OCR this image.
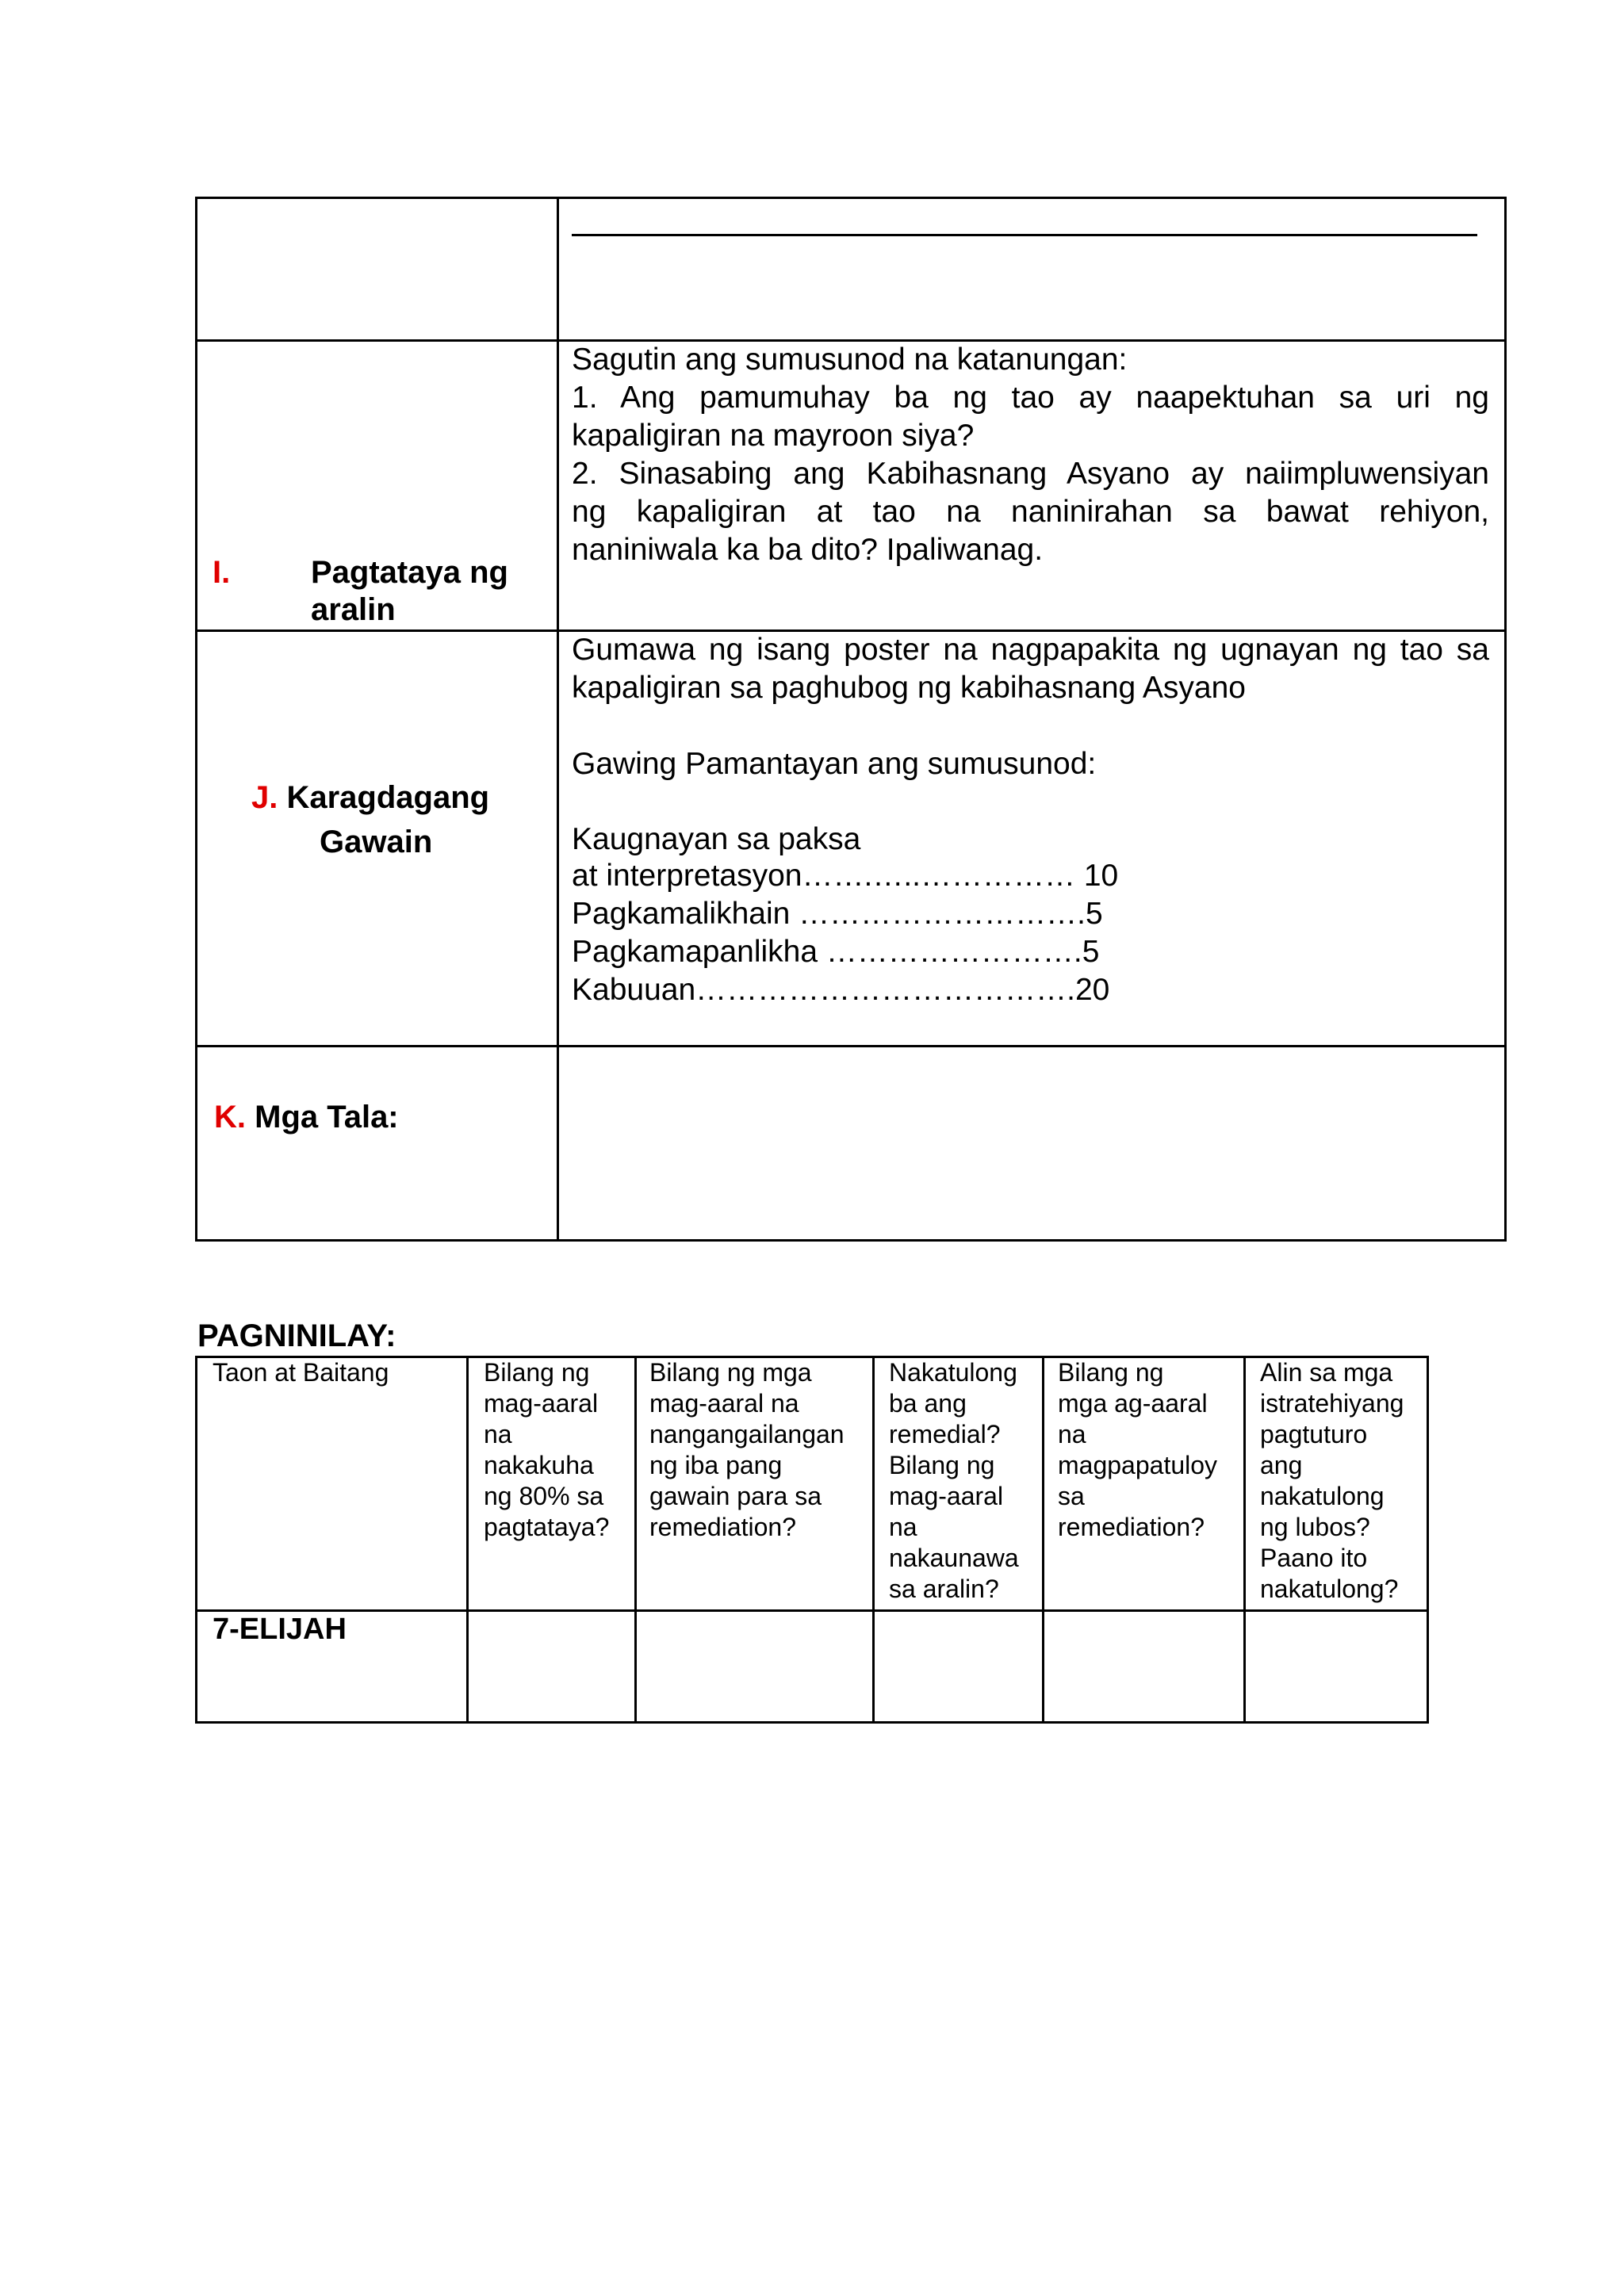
I.	Pagtataya ng
aralin
Sagutin ang sumusunod na katanungan:
1. Ang pamumuhay ba ng tao ay naapektuhan sa uri ng
kapaligiran na mayroon siya?
2. Sinasabing ang Kabihasnang Asyano ay naiimpluwensiyan
ng kapaligiran at tao na naninirahan sa bawat rehiyon,
naniniwala ka ba dito? Ipaliwanag.
J. Karagdagang
Gawain
Gumawa ng isang poster na nagpapakita ng ugnayan ng tao sa
kapaligiran sa paghubog ng kabihasnang Asyano
Gawing Pamantayan ang sumusunod:
Kaugnayan sa paksa
at interpretasyon…….…..…………… 10
Pagkamalikhain ……………………….5
Pagkamapanlikha …………………….5
Kabuuan……………………………….20
K. Mga Tala:
PAGNINILAY:
Taon at Baitang	Bilang ng
mag-aaral
na
nakakuha
ng 80% sa
pagtataya?
Bilang ng mga
mag-aaral na
nangangailangan
ng iba pang
gawain para sa
remediation?
Nakatulong
ba ang
remedial?
Bilang ng
mag-aaral
na
nakaunawa
sa aralin?
Bilang ng
mga ag-aaral
na
magpapatuloy
sa
remediation?
Alin sa mga
istratehiyang
pagtuturo
ang
nakatulong
ng lubos?
Paano ito
nakatulong?
7-ELIJAH
